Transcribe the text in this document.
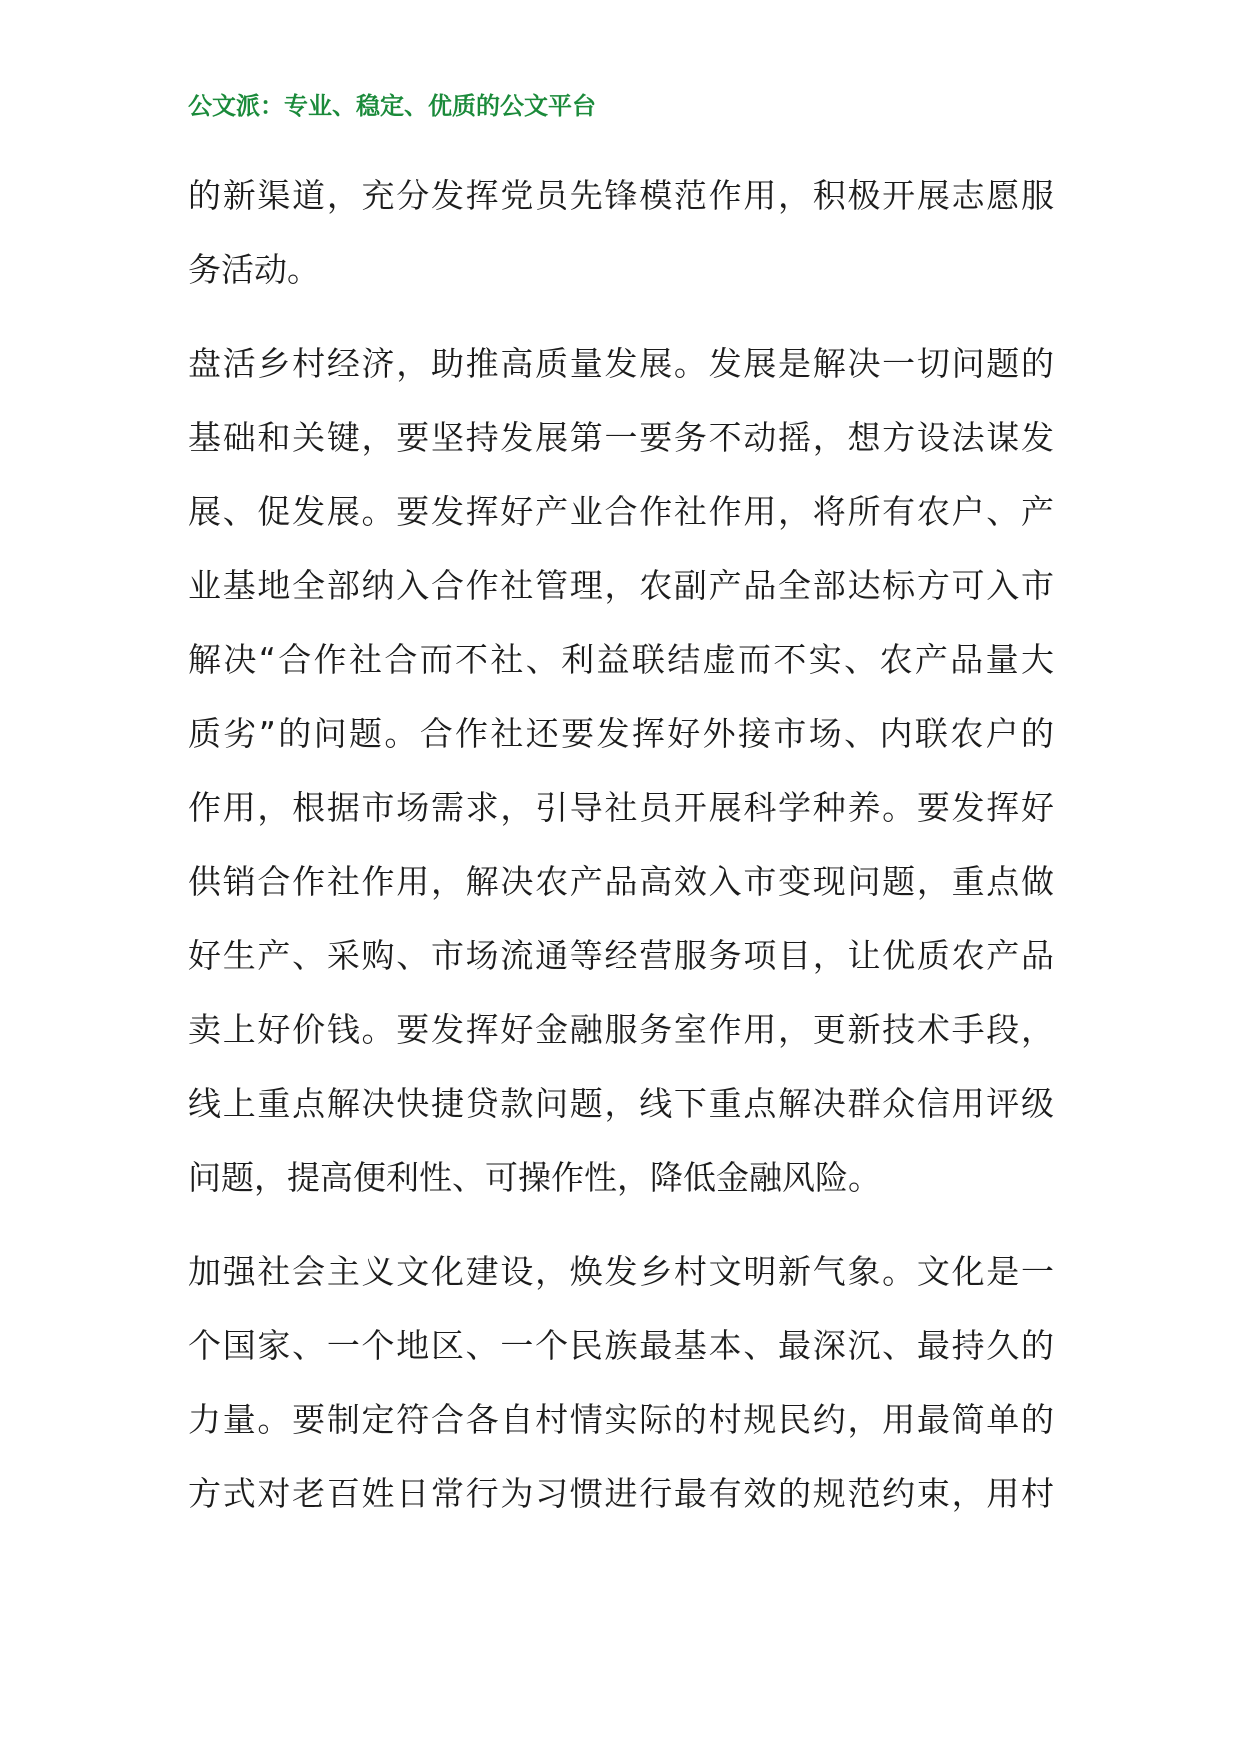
公文派：专业、稳定、优质的公文平台
的新渠道，充分发挥党员先锋模范作用，积极开展志愿服
务活动。
盘活乡村经济，助推高质量发展。发展是解决一切问题的
基础和关键，要坚持发展第一要务不动摇，想方设法谋发
展、促发展。要发挥好产业合作社作用，将所有农户、产
业基地全部纳入合作社管理，农副产品全部达标方可入市
解决“合作社合而不社、利益联结虚而不实、农产品量大
质劣”的问题。合作社还要发挥好外接市场、内联农户的
作用，根据市场需求，引导社员开展科学种养。要发挥好
供销合作社作用，解决农产品高效入市变现问题，重点做
好生产、采购、市场流通等经营服务项目，让优质农产品
卖上好价钱。要发挥好金融服务室作用，更新技术手段，
线上重点解决快捷贷款问题，线下重点解决群众信用评级
问题，提高便利性、可操作性，降低金融风险。
加强社会主义文化建设，焕发乡村文明新气象。文化是一
个国家、一个地区、一个民族最基本、最深沉、最持久的
力量。要制定符合各自村情实际的村规民约，用最简单的
方式对老百姓日常行为习惯进行最有效的规范约束，用村
